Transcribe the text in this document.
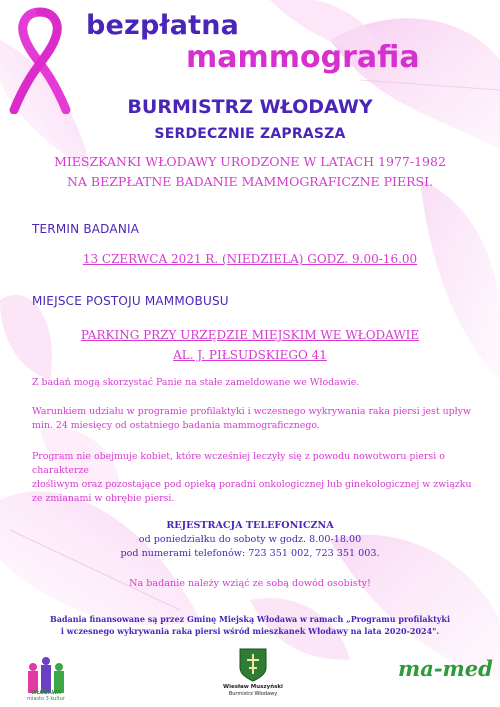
bezpłatna
mammografia
BURMISTRZ WŁODAWY
SERDECZNIE ZAPRASZA
MIESZKANKI WŁODAWY URODZONE W LATACH 1977-1982
NA BEZPŁATNE BADANIE MAMMOGRAFICZNE PIERSI.
TERMIN BADANIA
13 CZERWCA 2021 R. (NIEDZIELA) GODZ. 9.00-16.00
MIEJSCE POSTOJU MAMMOBUSU
PARKING PRZY URZĘDZIE MIEJSKIM WE WŁODAWIE
AL. J. PIŁSUDSKIEGO 41
Z badań mogą skorzystać Panie na stałe zameldowane we Włodawie.
Warunkiem udziału w programie profilaktyki i wczesnego wykrywania raka piersi jest upływ
min. 24 miesięcy od ostatniego badania mammograficznego.
Program nie obejmuje kobiet, które wcześniej leczyły się z powodu nowotworu piersi o charakterze
złośliwym oraz pozostające pod opieką poradni onkologicznej lub ginekologicznej w związku
ze zmianami w obrębie piersi.
REJESTRACJA TELEFONICZNA
od poniedziałku do soboty w godz. 8.00-18.00
pod numerami telefonów: 723 351 002, 723 351 003.
Na badanie należy wziąć ze sobą dowód osobisty!
Badania finansowane są przez Gminę Miejską Włodawa w ramach „Programu profilaktyki
i wczesnego wykrywania raka piersi wśród mieszkanek Włodawy na lata 2020-2024".
WŁODAWA
miasto 3 kultur
Wiesław Muszyński
Burmistrz Włodawy
ma-med
